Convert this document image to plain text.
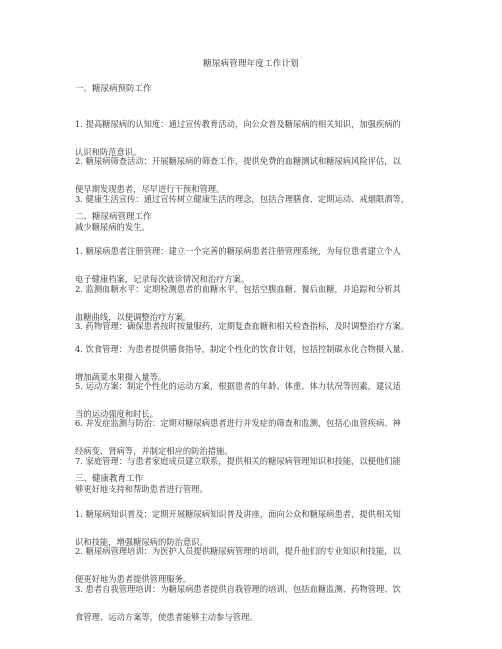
糖尿病管理年度工作计划
一、糖尿病预防工作

1. 提高糖尿病的认知度：通过宣传教育活动，向公众普及糖尿病的相关知识，加强疾病的

认识和防范意识。

2. 糖尿病筛查活动：开展糖尿病的筛查工作，提供免费的血糖测试和糖尿病风险评估，以

便早期发现患者，尽早进行干预和管理。

3. 健康生活宣传：通过宣传树立健康生活的理念，包括合理膳食、定期运动、戒烟限酒等，

减少糖尿病的发生。

二、糖尿病管理工作

1. 糖尿病患者注册管理：建立一个完善的糖尿病患者注册管理系统，为每位患者建立个人

电子健康档案，记录每次就诊情况和治疗方案。

2. 监测血糖水平：定期检测患者的血糖水平，包括空腹血糖、餐后血糖，并追踪和分析其

血糖曲线，以便调整治疗方案。

3. 药物管理：确保患者按时按量服药，定期复查血糖和相关检查指标，及时调整治疗方案。

4. 饮食管理：为患者提供膳食指导，制定个性化的饮食计划，包括控制碳水化合物摄入量、

增加蔬菜水果摄入量等。

5. 运动方案：制定个性化的运动方案，根据患者的年龄、体重、体力状况等因素，建议适

当的运动强度和时长。

6. 并发症监测与防治：定期对糖尿病患者进行并发症的筛查和监测，包括心血管疾病、神

经病变、肾病等，并制定相应的防治措施。

7. 家庭管理：与患者家庭成员建立联系，提供相关的糖尿病管理知识和技能，以便他们能

够更好地支持和帮助患者进行管理。

三、健康教育工作

1. 糖尿病知识普及：定期开展糖尿病知识普及讲座，面向公众和糖尿病患者，提供相关知

识和技能，增强糖尿病的防治意识。

2. 糖尿病管理培训：为医护人员提供糖尿病管理的培训，提升他们的专业知识和技能，以

便更好地为患者提供管理服务。

3. 患者自我管理培训：为糖尿病患者提供自我管理的培训，包括血糖监测、药物管理、饮

食管理、运动方案等，使患者能够主动参与管理。
